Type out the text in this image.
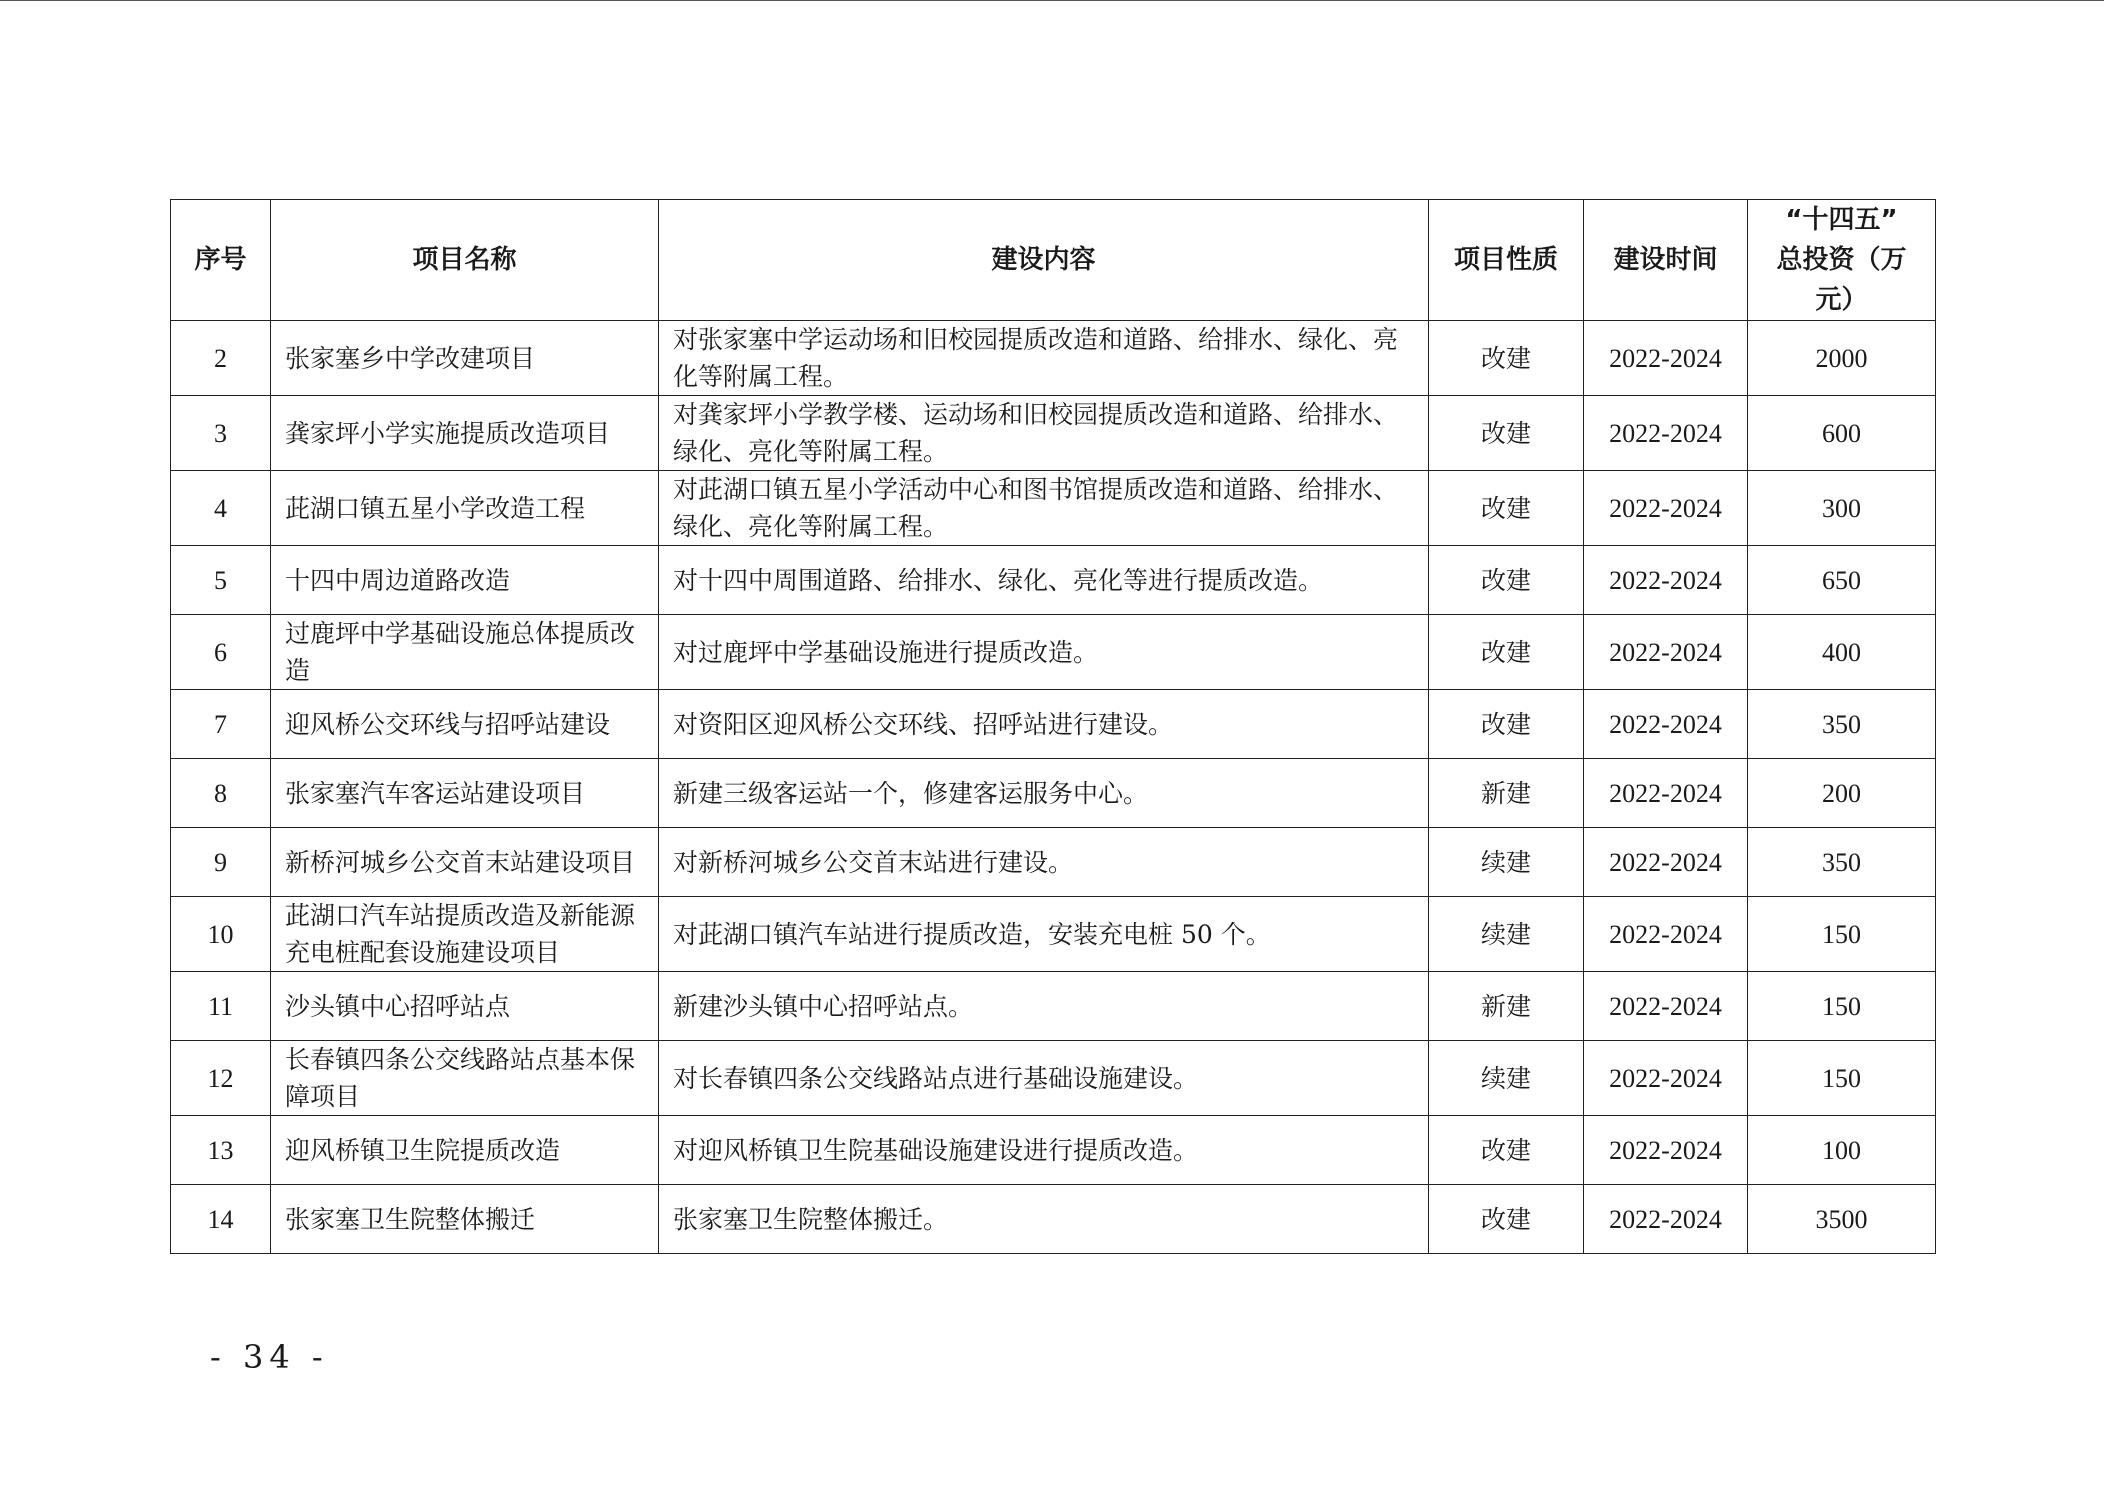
序号	项目名称	建设内容	项目性质	建设时间	“十四五”
总投资（万元）

2	张家塞乡中学改建项目	对张家塞中学运动场和旧校园提质改造和道路、给排水、绿化、亮化等附属工程。	改建	2022-2024	2000
3	龚家坪小学实施提质改造项目	对龚家坪小学教学楼、运动场和旧校园提质改造和道路、给排水、绿化、亮化等附属工程。	改建	2022-2024	600
4	茈湖口镇五星小学改造工程	对茈湖口镇五星小学活动中心和图书馆提质改造和道路、给排水、绿化、亮化等附属工程。	改建	2022-2024	300
5	十四中周边道路改造	对十四中周围道路、给排水、绿化、亮化等进行提质改造。	改建	2022-2024	650
6	过鹿坪中学基础设施总体提质改造	对过鹿坪中学基础设施进行提质改造。	改建	2022-2024	400
7	迎风桥公交环线与招呼站建设	对资阳区迎风桥公交环线、招呼站进行建设。	改建	2022-2024	350
8	张家塞汽车客运站建设项目	新建三级客运站一个，修建客运服务中心。	新建	2022-2024	200
9	新桥河城乡公交首末站建设项目	对新桥河城乡公交首末站进行建设。	续建	2022-2024	350
10	茈湖口汽车站提质改造及新能源充电桩配套设施建设项目	对茈湖口镇汽车站进行提质改造，安装充电桩 50 个。	续建	2022-2024	150
11	沙头镇中心招呼站点	新建沙头镇中心招呼站点。	新建	2022-2024	150
12	长春镇四条公交线路站点基本保障项目	对长春镇四条公交线路站点进行基础设施建设。	续建	2022-2024	150
13	迎风桥镇卫生院提质改造	对迎风桥镇卫生院基础设施建设进行提质改造。	改建	2022-2024	100
14	张家塞卫生院整体搬迁	张家塞卫生院整体搬迁。	改建	2022-2024	3500
- 34 -
